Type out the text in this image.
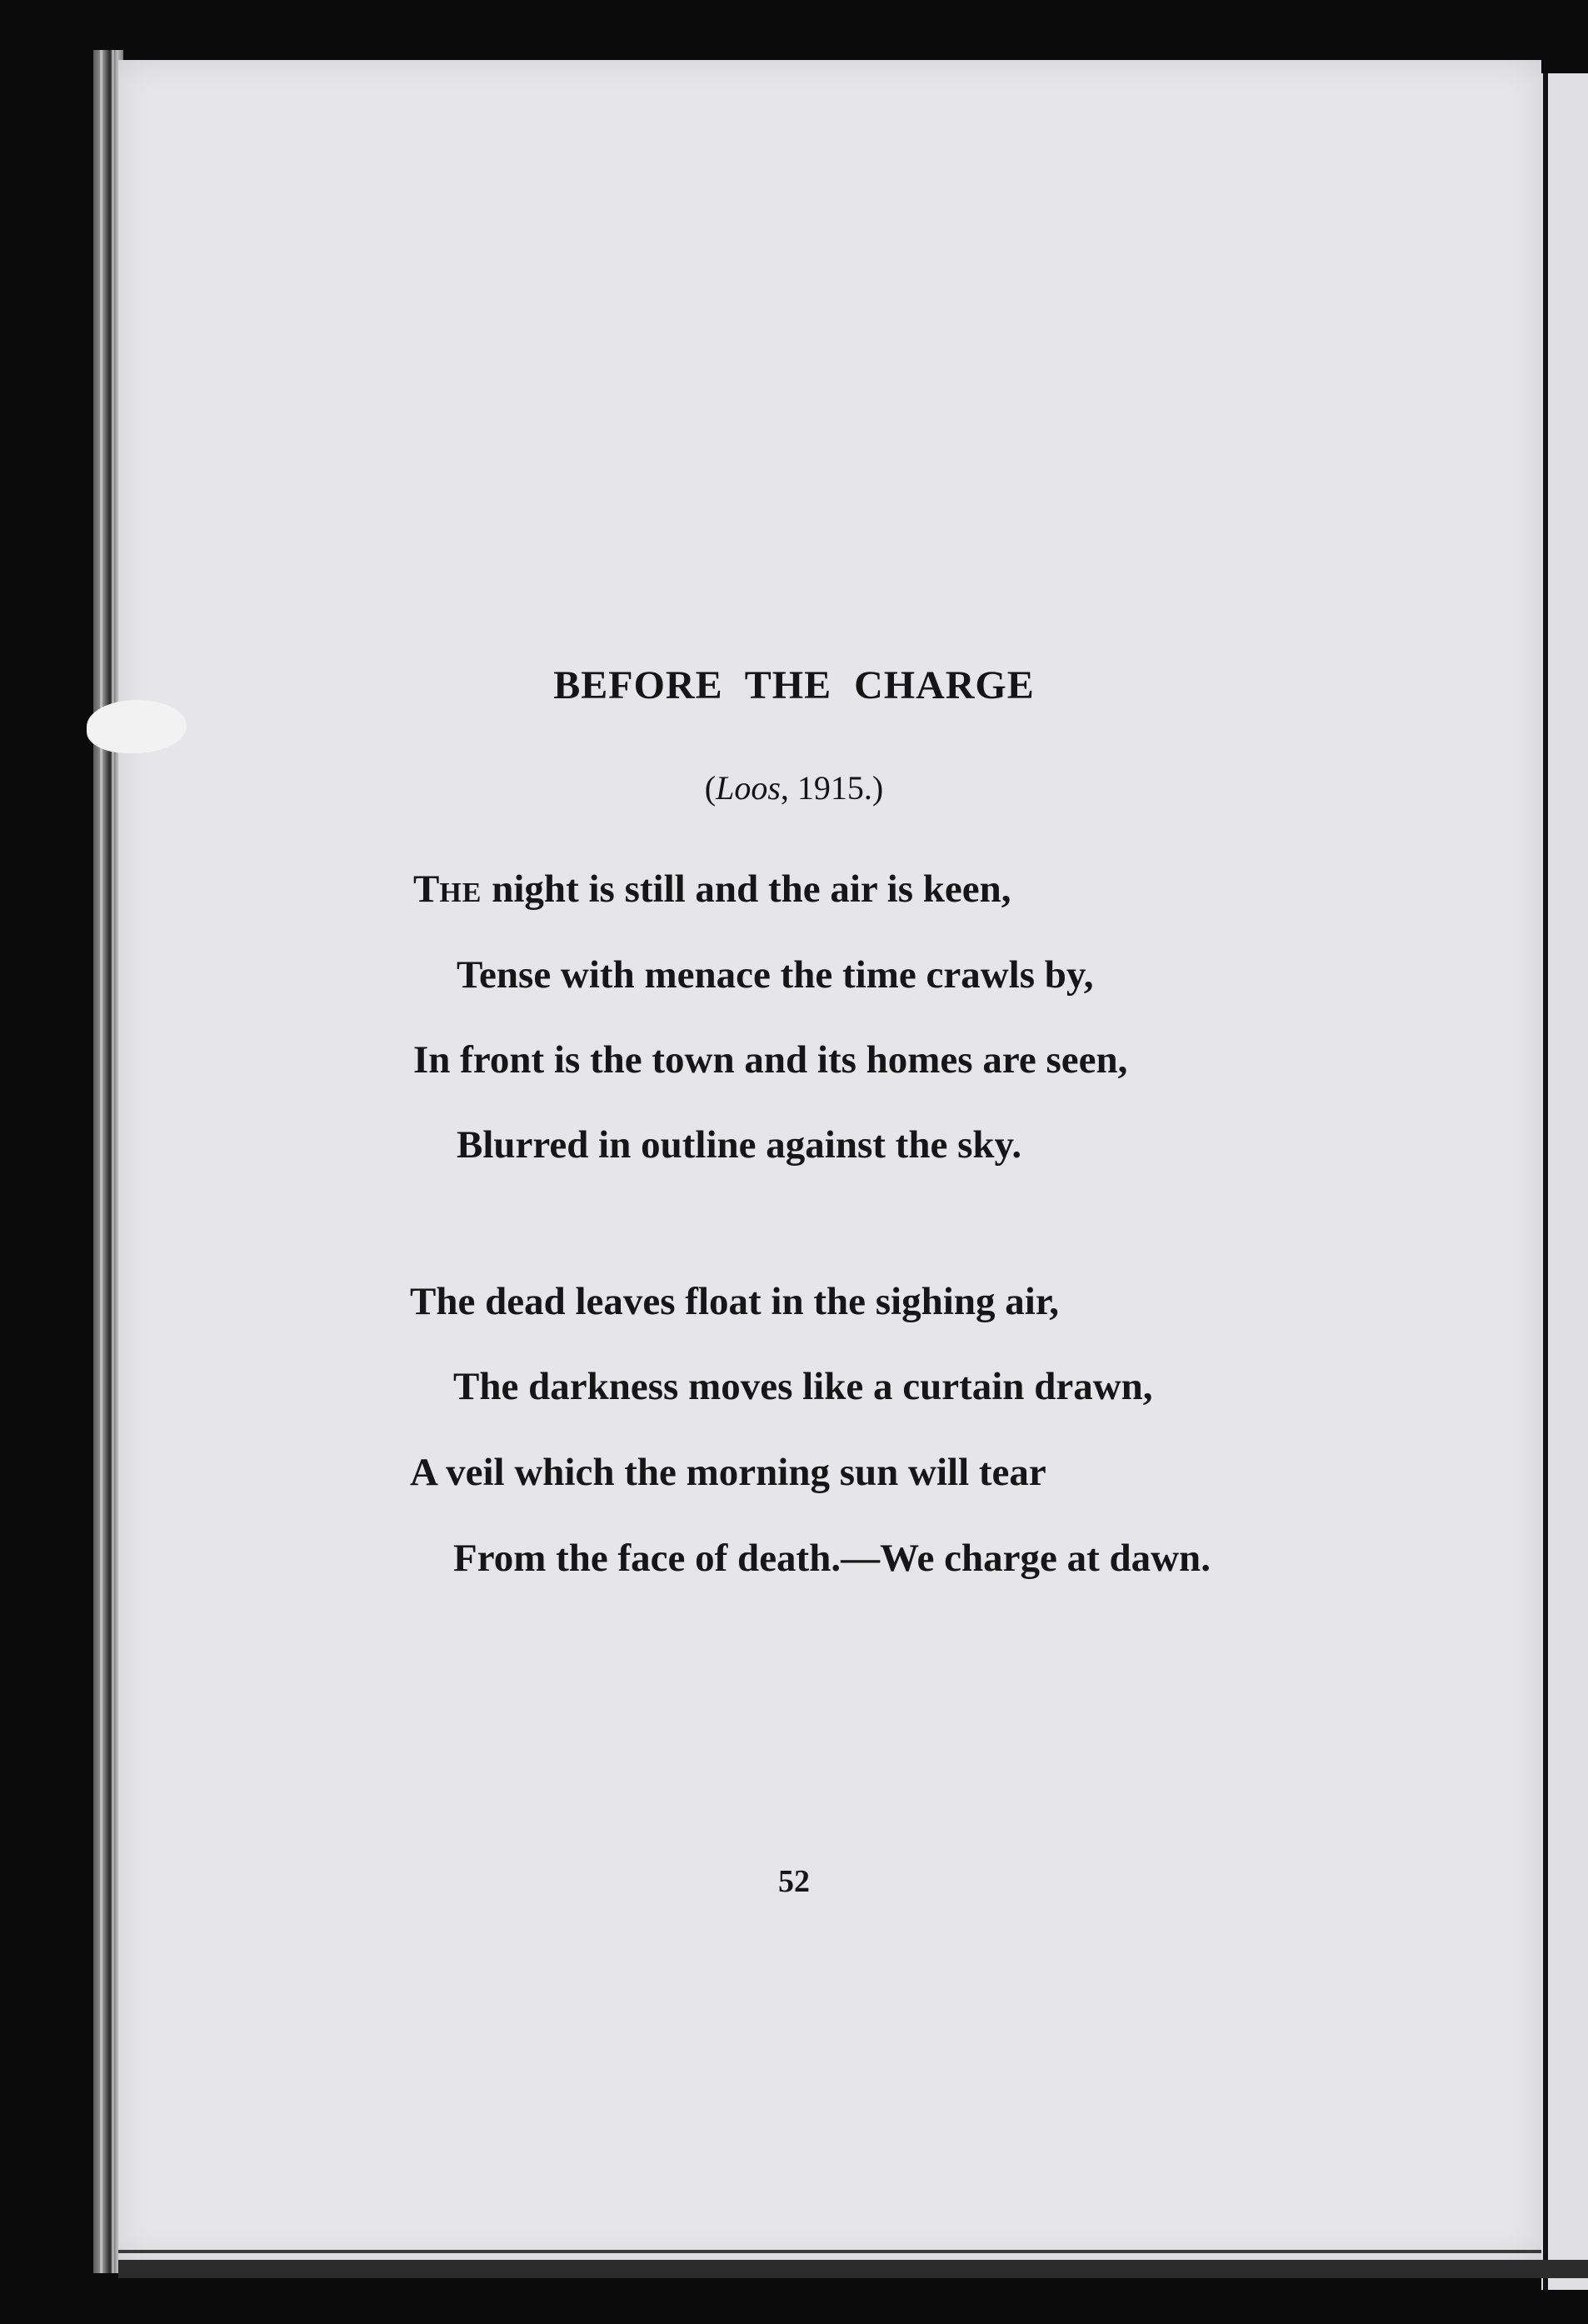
BEFORE THE CHARGE
(Loos, 1915.)
THE night is still and the air is keen,
Tense with menace the time crawls by,
In front is the town and its homes are seen,
Blurred in outline against the sky.
The dead leaves float in the sighing air,
The darkness moves like a curtain drawn,
A veil which the morning sun will tear
From the face of death.—We charge at dawn.
52
